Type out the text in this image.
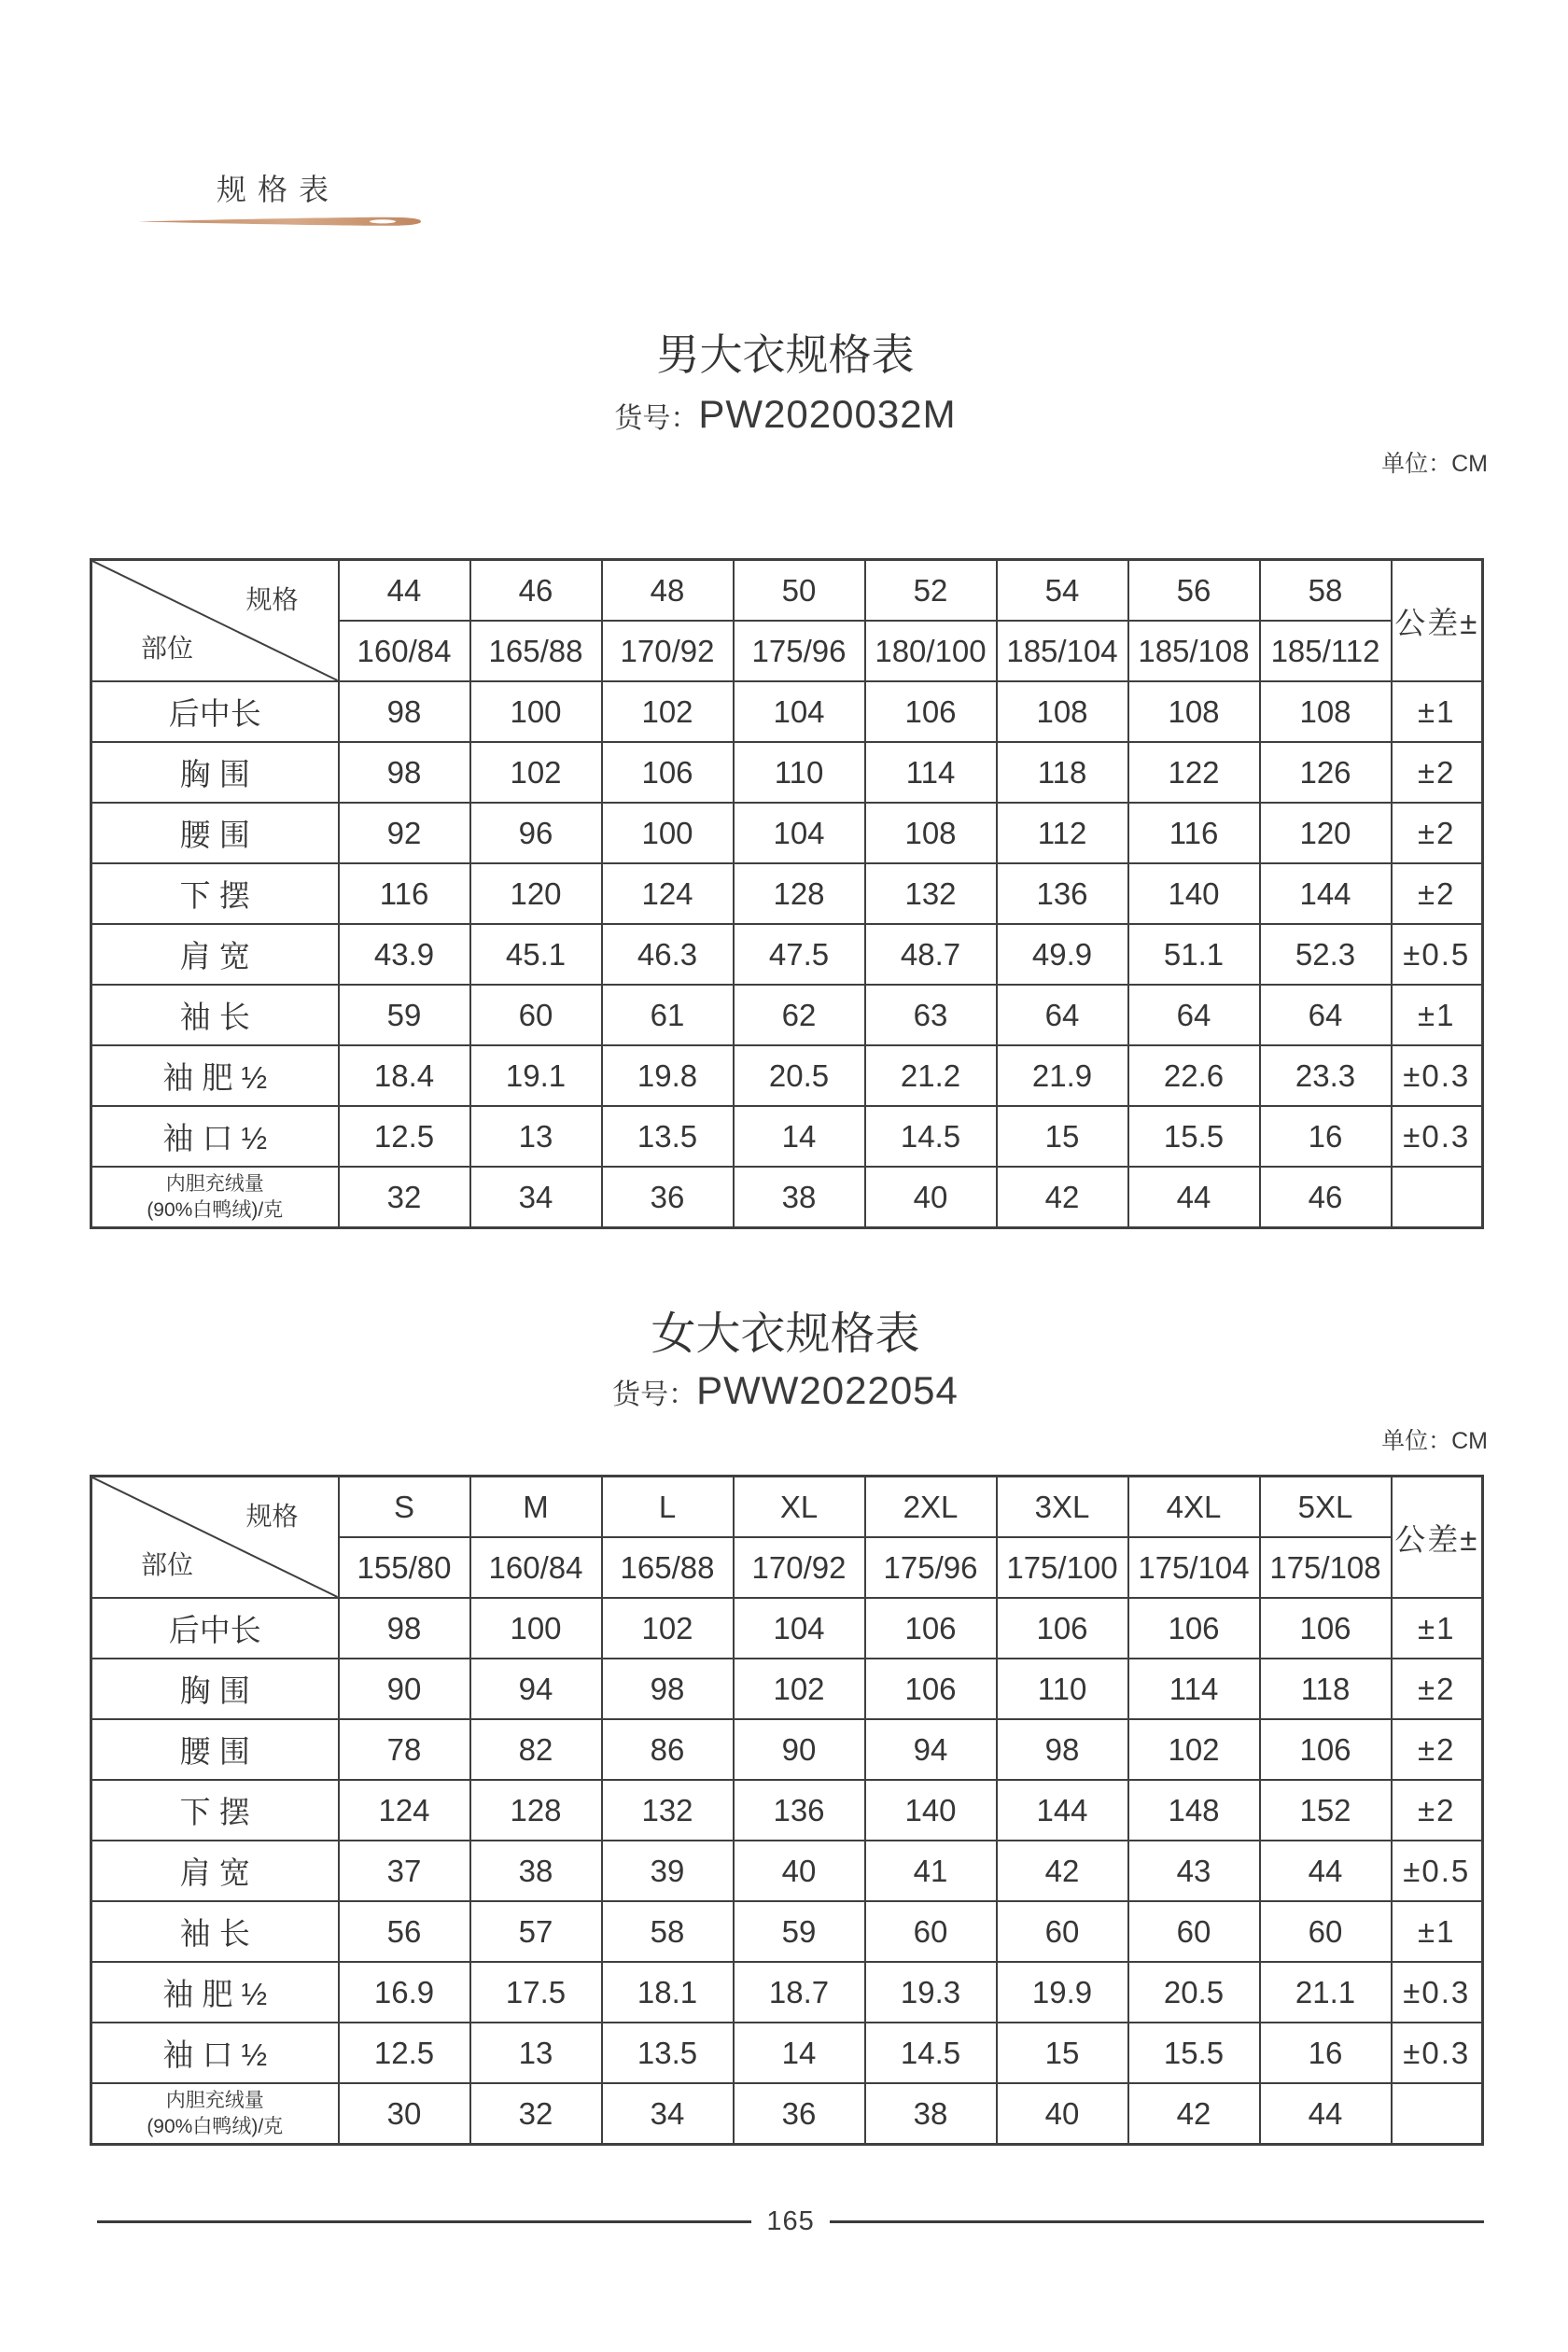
规格表
男大衣规格表
货号：PW2020032M
单位：CM
规格
部位	44	46	48	50	52	54	56	58	公差±
	160/84	165/88	170/92	175/96	180/100	185/104	185/108	185/112	
后中长	98	100	102	104	106	108	108	108	±1
胸 围	98	102	106	110	114	118	122	126	±2
腰 围	92	96	100	104	108	112	116	120	±2
下 摆	116	120	124	128	132	136	140	144	±2
肩 宽	43.9	45.1	46.3	47.5	48.7	49.9	51.1	52.3	±0.5
袖 长	59	60	61	62	63	64	64	64	±1
袖 肥 ½	18.4	19.1	19.8	20.5	21.2	21.9	22.6	23.3	±0.3
袖 口 ½	12.5	13	13.5	14	14.5	15	15.5	16	±0.3

内胆充绒量
(90%白鸭绒)/克	32	34	36	38	40	42	44	46	
女大衣规格表
货号：PWW2022054
单位：CM
规格
部位	S	M	L	XL	2XL	3XL	4XL	5XL	公差±
	155/80	160/84	165/88	170/92	175/96	175/100	175/104	175/108	
后中长	98	100	102	104	106	106	106	106	±1
胸 围	90	94	98	102	106	110	114	118	±2
腰 围	78	82	86	90	94	98	102	106	±2
下 摆	124	128	132	136	140	144	148	152	±2
肩 宽	37	38	39	40	41	42	43	44	±0.5
袖 长	56	57	58	59	60	60	60	60	±1
袖 肥 ½	16.9	17.5	18.1	18.7	19.3	19.9	20.5	21.1	±0.3
袖 口 ½	12.5	13	13.5	14	14.5	15	15.5	16	±0.3

内胆充绒量
(90%白鸭绒)/克	30	32	34	36	38	40	42	44	
165
